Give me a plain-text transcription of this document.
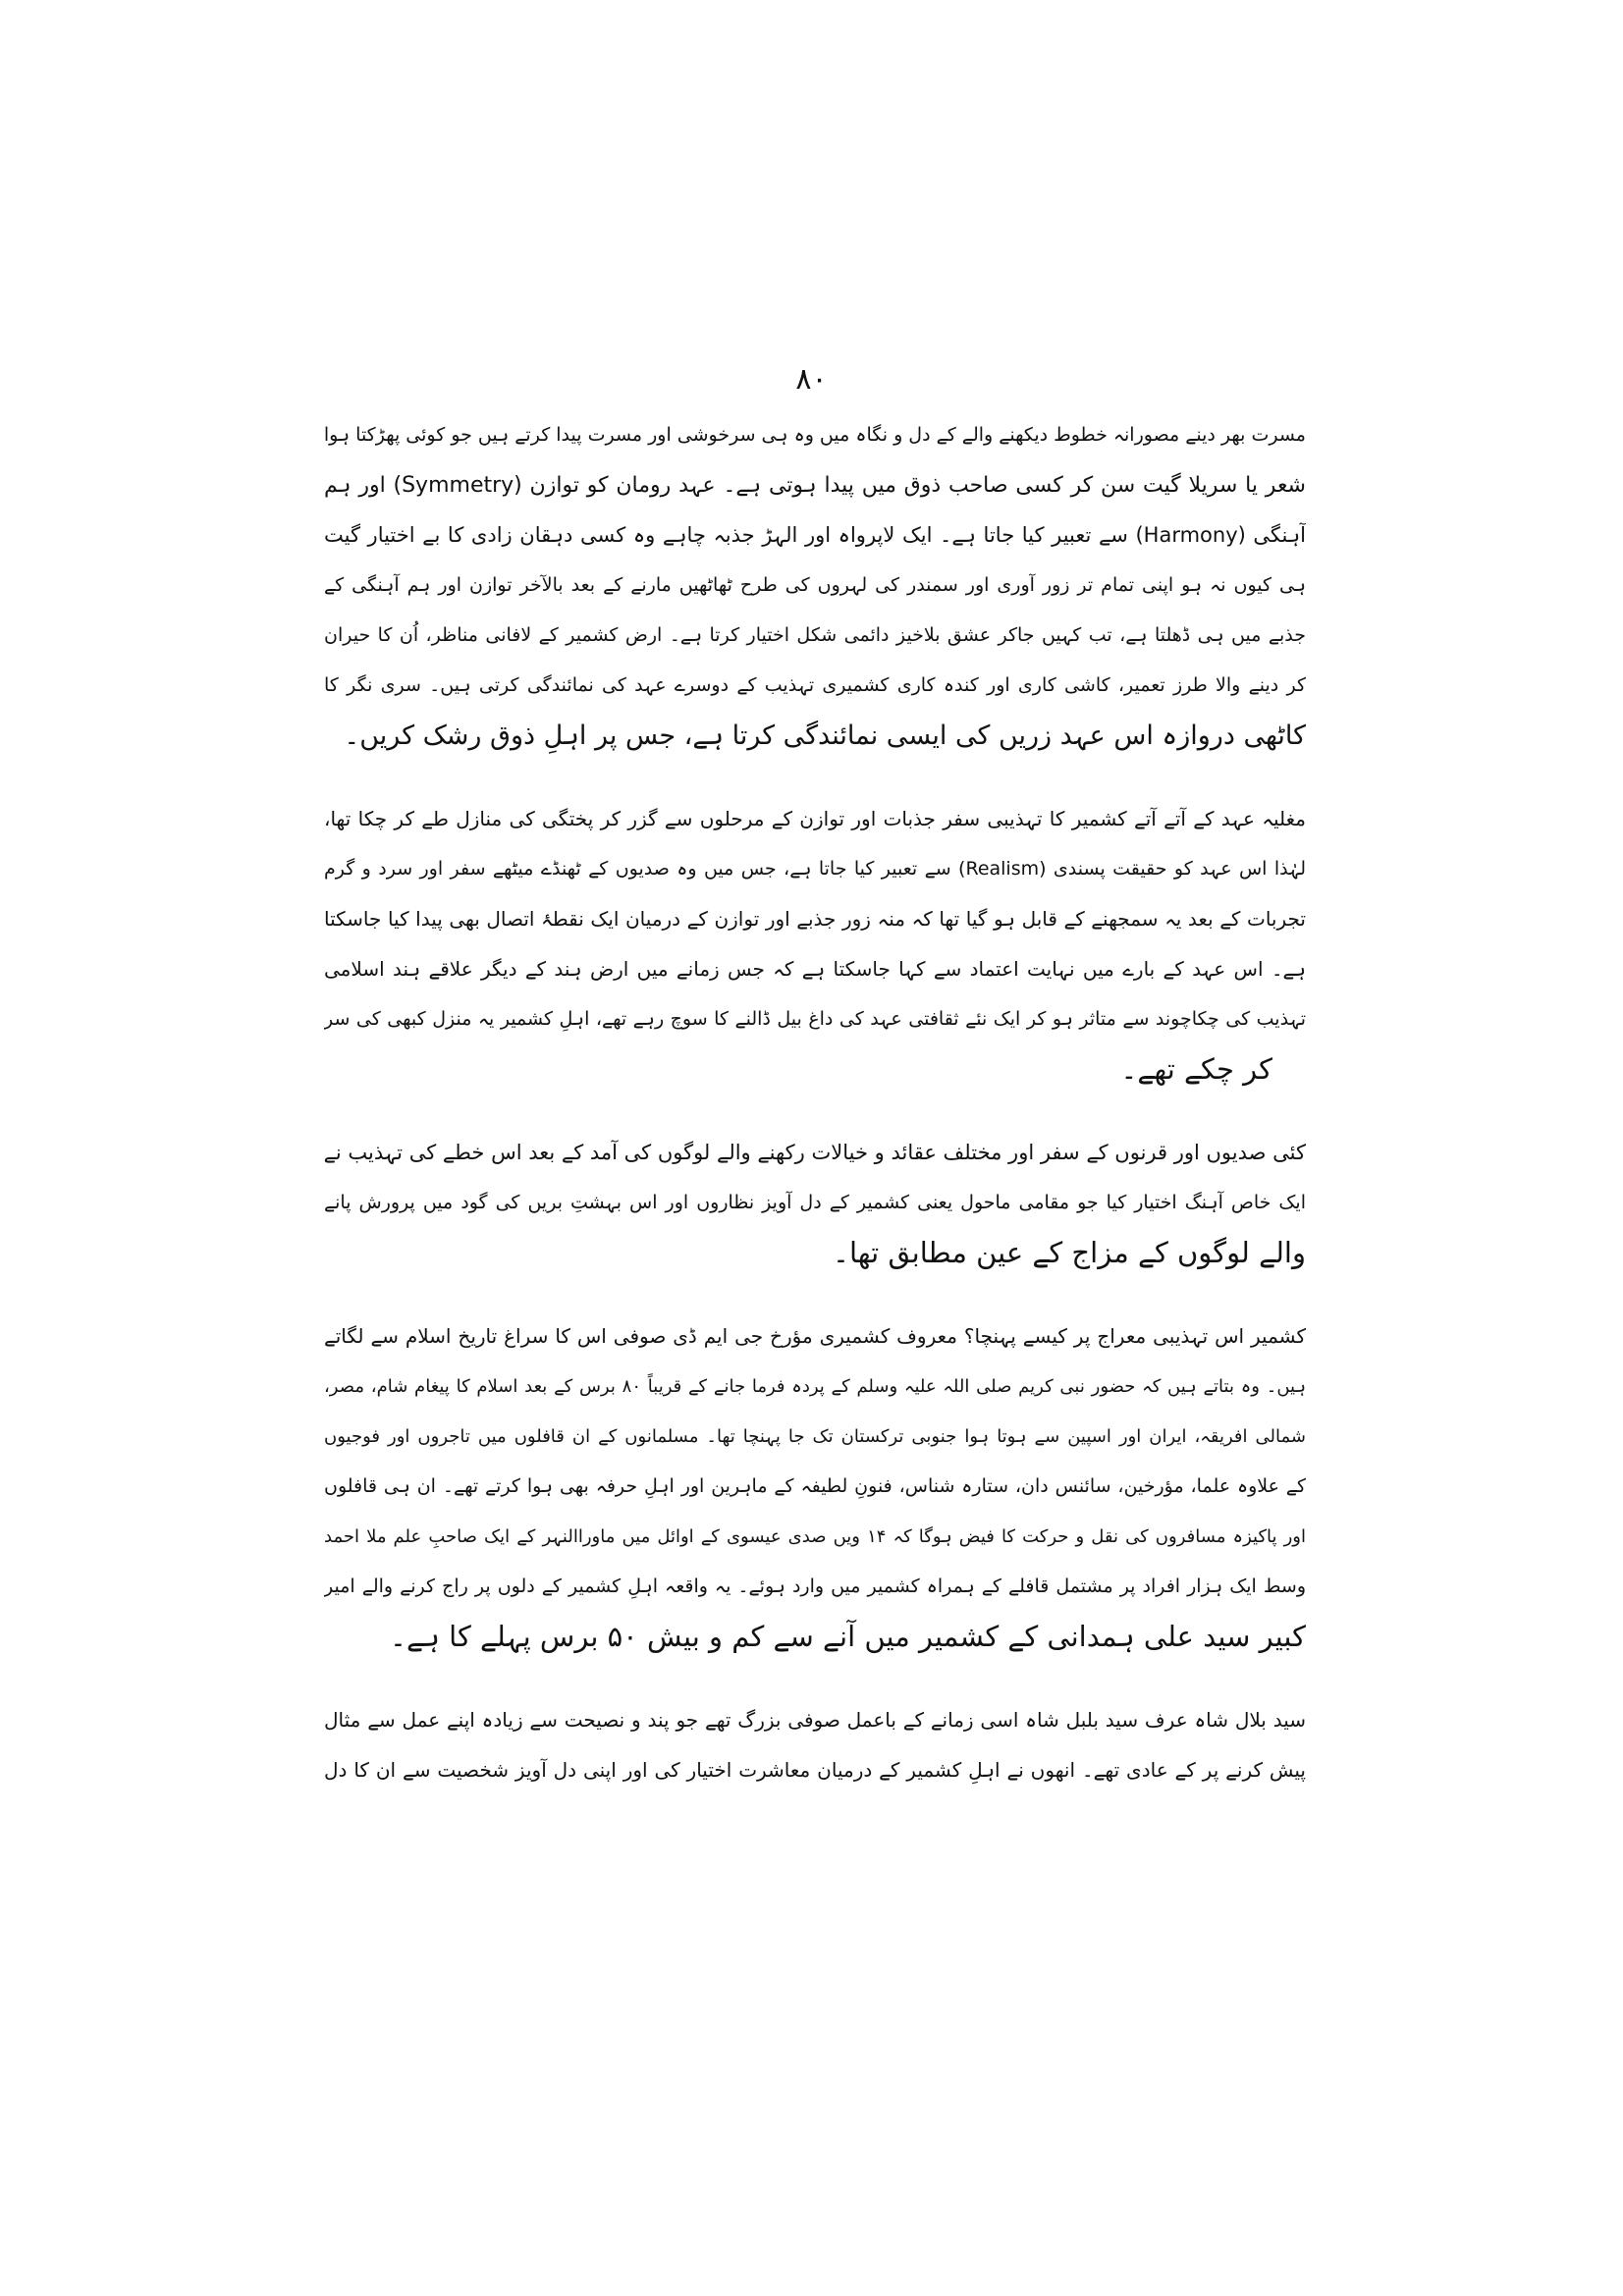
۸۰

مسرت بھر دینے مصورانہ خطوط دیکھنے والے کے دل و نگاہ میں وہ ہی سرخوشی اور مسرت پیدا کرتے ہیں جو کوئی پھڑکتا ہوا
شعر یا سریلا گیت سن کر کسی صاحب ذوق میں پیدا ہوتی ہے۔ عہد رومان کو توازن (Symmetry) اور ہم
آہنگی (Harmony) سے تعبیر کیا جاتا ہے۔ ایک لاپرواہ اور الہڑ جذبہ چاہے وہ کسی دہقان زادی کا بے اختیار گیت
ہی کیوں نہ ہو اپنی تمام تر زور آوری اور سمندر کی لہروں کی طرح ٹھاٹھیں مارنے کے بعد بالآخر توازن اور ہم آہنگی کے
جذبے میں ہی ڈھلتا ہے، تب کہیں جاکر عشق بلاخیز دائمی شکل اختیار کرتا ہے۔ ارض کشمیر کے لافانی مناظر، اُن کا حیران
کر دینے والا طرز تعمیر، کاشی کاری اور کندہ کاری کشمیری تہذیب کے دوسرے عہد کی نمائندگی کرتی ہیں۔ سری نگر کا
کاٹھی دروازہ اس عہد زریں کی ایسی نمائندگی کرتا ہے، جس پر اہلِ ذوق رشک کریں۔

مغلیہ عہد کے آتے آتے کشمیر کا تہذیبی سفر جذبات اور توازن کے مرحلوں سے گزر کر پختگی کی منازل طے کر چکا تھا،
لہٰذا اس عہد کو حقیقت پسندی (Realism) سے تعبیر کیا جاتا ہے، جس میں وہ صدیوں کے ٹھنڈے میٹھے سفر اور سرد و گرم
تجربات کے بعد یہ سمجھنے کے قابل ہو گیا تھا کہ منہ زور جذبے اور توازن کے درمیان ایک نقطۂ اتصال بھی پیدا کیا جاسکتا
ہے۔ اس عہد کے بارے میں نہایت اعتماد سے کہا جاسکتا ہے کہ جس زمانے میں ارض ہند کے دیگر علاقے ہند اسلامی
تہذیب کی چکاچوند سے متاثر ہو کر ایک نئے ثقافتی عہد کی داغ بیل ڈالنے کا سوچ رہے تھے، اہلِ کشمیر یہ منزل کبھی کی سر
کر چکے تھے۔

کئی صدیوں اور قرنوں کے سفر اور مختلف عقائد و خیالات رکھنے والے لوگوں کی آمد کے بعد اس خطے کی تہذیب نے
ایک خاص آہنگ اختیار کیا جو مقامی ماحول یعنی کشمیر کے دل آویز نظاروں اور اس بہشتِ بریں کی گود میں پرورش پانے
والے لوگوں کے مزاج کے عین مطابق تھا۔

کشمیر اس تہذیبی معراج پر کیسے پہنچا؟ معروف کشمیری مؤرخ جی ایم ڈی صوفی اس کا سراغ تاریخ اسلام سے لگاتے
ہیں۔ وہ بتاتے ہیں کہ حضور نبی کریم صلی اللہ علیہ وسلم کے پردہ فرما جانے کے قریباً ۸۰ برس کے بعد اسلام کا پیغام شام، مصر،
شمالی افریقہ، ایران اور اسپین سے ہوتا ہوا جنوبی ترکستان تک جا پہنچا تھا۔ مسلمانوں کے ان قافلوں میں تاجروں اور فوجیوں
کے علاوہ علما، مؤرخین، سائنس دان، ستارہ شناس، فنونِ لطیفہ کے ماہرین اور اہلِ حرفہ بھی ہوا کرتے تھے۔ ان ہی قافلوں
اور پاکیزہ مسافروں کی نقل و حرکت کا فیض ہوگا کہ ۱۴ ویں صدی عیسوی کے اوائل میں ماوراالنہر کے ایک صاحبِ علم ملا احمد
وسط ایک ہزار افراد پر مشتمل قافلے کے ہمراہ کشمیر میں وارد ہوئے۔ یہ واقعہ اہلِ کشمیر کے دلوں پر راج کرنے والے امیر
کبیر سید علی ہمدانی کے کشمیر میں آنے سے کم و بیش ۵۰ برس پہلے کا ہے۔

سید بلال شاہ عرف سید بلبل شاہ اسی زمانے کے باعمل صوفی بزرگ تھے جو پند و نصیحت سے زیادہ اپنے عمل سے مثال
پیش کرنے پر کے عادی تھے۔ انھوں نے اہلِ کشمیر کے درمیان معاشرت اختیار کی اور اپنی دل آویز شخصیت سے ان کا دل
